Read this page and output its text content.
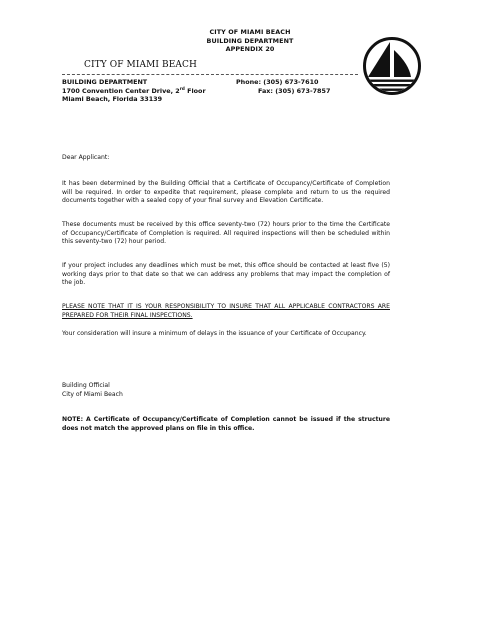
CITY OF MIAMI BEACH
BUILDING DEPARTMENT
APPENDIX 20
CITY OF MIAMI BEACH
BUILDING DEPARTMENT
1700 Convention Center Drive, 2rd Floor
Miami Beach, Florida 33139
Phone: (305) 673-7610
Fax: (305) 673-7857

Dear Applicant:

It has been determined by the Building Official that a Certificate of Occupancy/Certificate of Completion will be required. In order to expedite that requirement, please complete and return to us the required documents together with a sealed copy of your final survey and Elevation Certificate.

These documents must be received by this office seventy-two (72) hours prior to the time the Certificate of Occupancy/Certificate of Completion is required. All required inspections will then be scheduled within this seventy-two (72) hour period.

If your project includes any deadlines which must be met, this office should be contacted at least five (5) working days prior to that date so that we can address any problems that may impact the completion of the job.

PLEASE NOTE THAT IT IS YOUR RESPONSIBILITY TO INSURE THAT ALL APPLICABLE CONTRACTORS ARE PREPARED FOR THEIR FINAL INSPECTIONS.

Your consideration will insure a minimum of delays in the issuance of your Certificate of Occupancy.

Building Official

City of Miami Beach

NOTE: A Certificate of Occupancy/Certificate of Completion cannot be issued if the structure does not match the approved plans on file in this office.
